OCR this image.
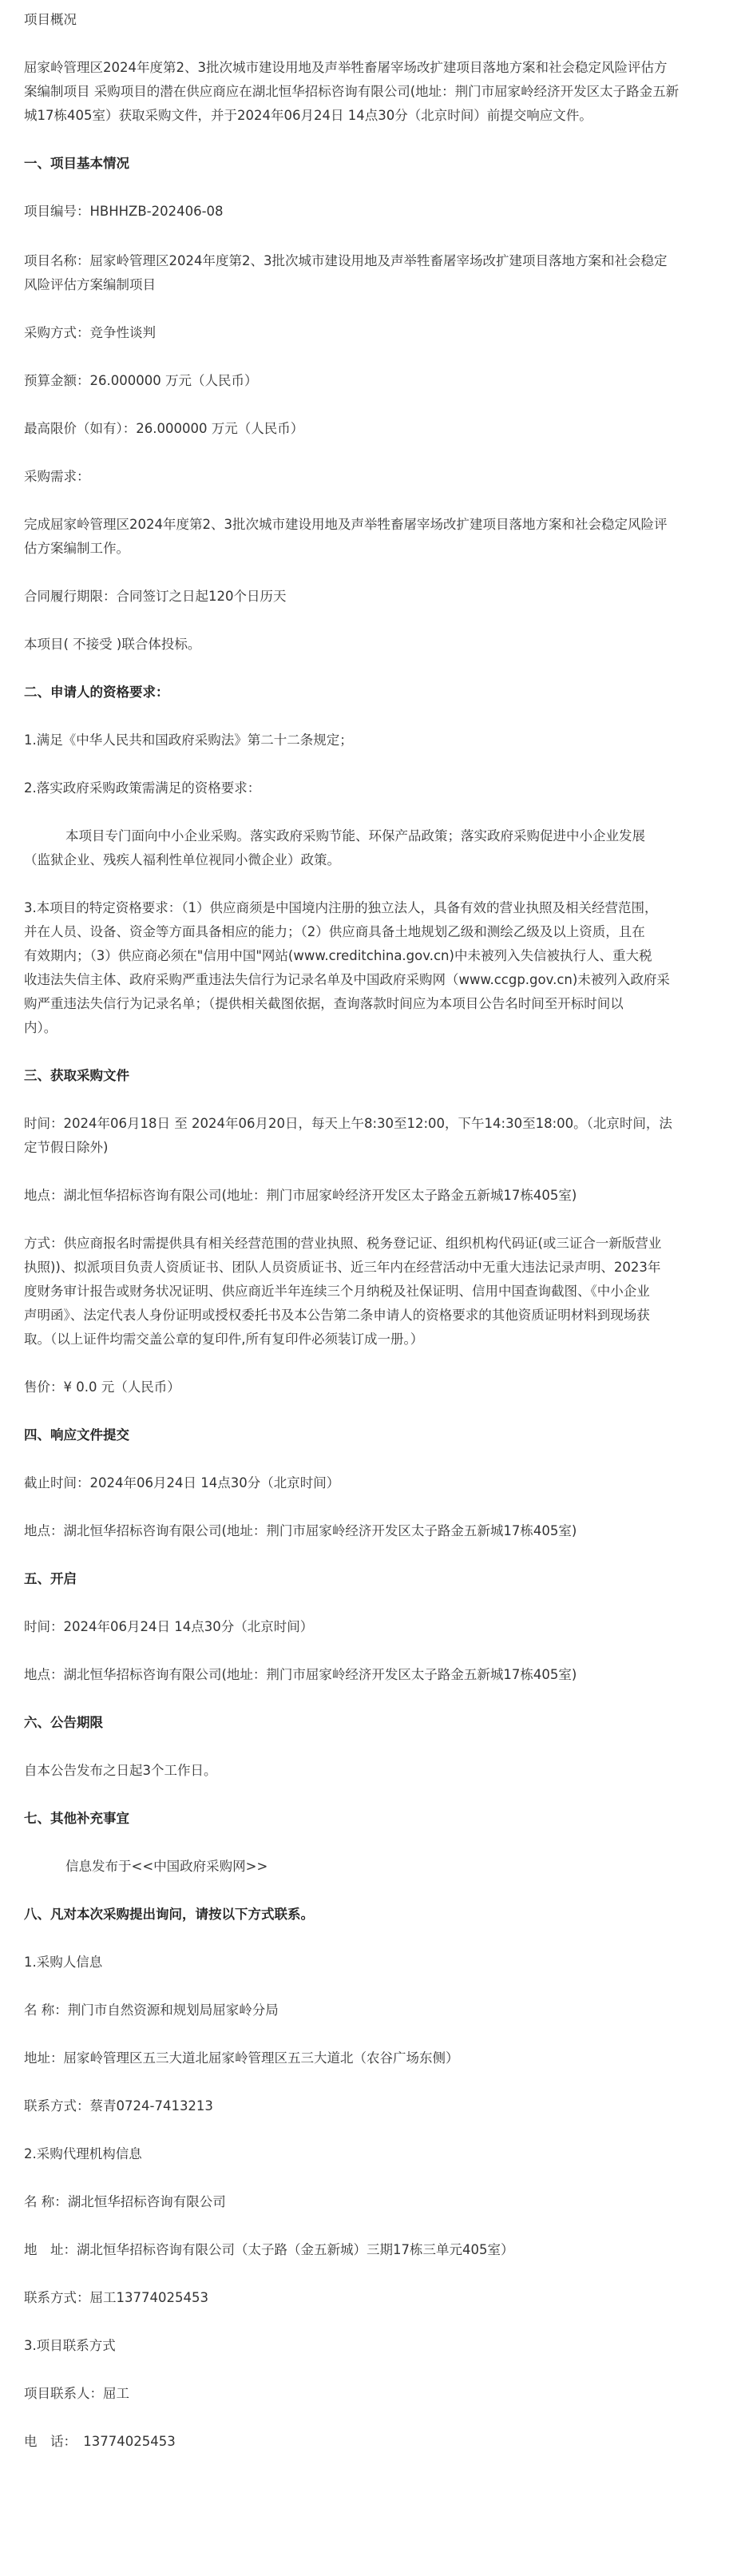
项目概况

屈家岭管理区2024年度第2、3批次城市建设用地及声举牲畜屠宰场改扩建项目落地方案和社会稳定风险评估方

案编制项目 采购项目的潜在供应商应在湖北恒华招标咨询有限公司(地址：荆门市屈家岭经济开发区太子路金五新

城17栋405室）获取采购文件，并于2024年06月24日 14点30分（北京时间）前提交响应文件。

一、项目基本情况

项目编号：HBHHZB-202406-08

项目名称：屈家岭管理区2024年度第2、3批次城市建设用地及声举牲畜屠宰场改扩建项目落地方案和社会稳定

风险评估方案编制项目

采购方式：竞争性谈判

预算金额：26.000000 万元（人民币）

最高限价（如有）：26.000000 万元（人民币）

采购需求：

完成屈家岭管理区2024年度第2、3批次城市建设用地及声举牲畜屠宰场改扩建项目落地方案和社会稳定风险评

估方案编制工作。

合同履行期限：合同签订之日起120个日历天

本项目( 不接受 )联合体投标。

二、申请人的资格要求：

1.满足《中华人民共和国政府采购法》第二十二条规定；

2.落实政府采购政策需满足的资格要求：

本项目专门面向中小企业采购。落实政府采购节能、环保产品政策；落实政府采购促进中小企业发展

（监狱企业、残疾人福利性单位视同小微企业）政策。

3.本项目的特定资格要求：（1）供应商须是中国境内注册的独立法人，具备有效的营业执照及相关经营范围，

并在人员、设备、资金等方面具备相应的能力；（2）供应商具备土地规划乙级和测绘乙级及以上资质，且在

有效期内；（3）供应商必须在"信用中国"网站(www.creditchina.gov.cn)中未被列入失信被执行人、重大税

收违法失信主体、政府采购严重违法失信行为记录名单及中国政府采购网（www.ccgp.gov.cn)未被列入政府采

购严重违法失信行为记录名单；（提供相关截图依据，查询落款时间应为本项目公告名时间至开标时间以

内）。

三、获取采购文件

时间：2024年06月18日 至 2024年06月20日，每天上午8:30至12:00，下午14:30至18:00。（北京时间，法

定节假日除外)

地点：湖北恒华招标咨询有限公司(地址：荆门市屈家岭经济开发区太子路金五新城17栋405室)

方式：供应商报名时需提供具有相关经营范围的营业执照、税务登记证、组织机构代码证(或三证合一新版营业

执照))、拟派项目负责人资质证书、团队人员资质证书、近三年内在经营活动中无重大违法记录声明、2023年

度财务审计报告或财务状况证明、供应商近半年连续三个月纳税及社保证明、信用中国查询截图、《中小企业

声明函》、法定代表人身份证明或授权委托书及本公告第二条申请人的资格要求的其他资质证明材料到现场获

取。（以上证件均需交盖公章的复印件,所有复印件必须装订成一册。）

售价：¥ 0.0 元（人民币）

四、响应文件提交

截止时间：2024年06月24日 14点30分（北京时间）

地点：湖北恒华招标咨询有限公司(地址：荆门市屈家岭经济开发区太子路金五新城17栋405室)

五、开启

时间：2024年06月24日 14点30分（北京时间）

地点：湖北恒华招标咨询有限公司(地址：荆门市屈家岭经济开发区太子路金五新城17栋405室)

六、公告期限

自本公告发布之日起3个工作日。

七、其他补充事宜

信息发布于<<中国政府采购网>>

八、凡对本次采购提出询问，请按以下方式联系。

1.采购人信息

名 称：荆门市自然资源和规划局屈家岭分局

地址：屈家岭管理区五三大道北屈家岭管理区五三大道北（农谷广场东侧）

联系方式：蔡青0724-7413213

2.采购代理机构信息

名 称：湖北恒华招标咨询有限公司

地　址：湖北恒华招标咨询有限公司（太子路（金五新城）三期17栋三单元405室）

联系方式：屈工13774025453

3.项目联系方式

项目联系人：屈工

电　话：　13774025453
